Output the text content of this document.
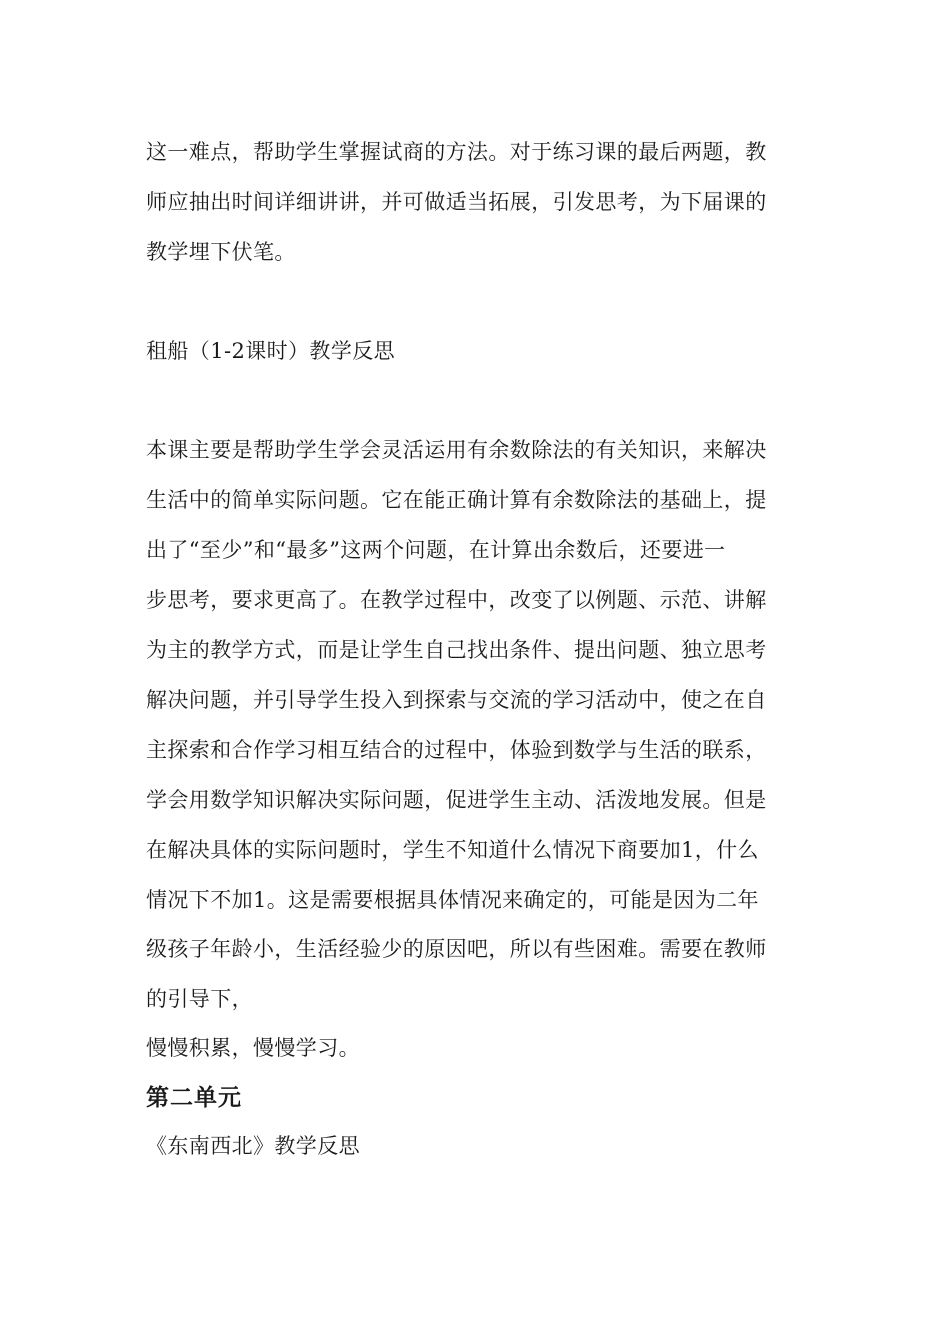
这一难点，帮助学生掌握试商的方法。对于练习课的最后两题，教
师应抽出时间详细讲讲，并可做适当拓展，引发思考，为下届课的
教学埋下伏笔。
租船（1-2课时）教学反思
本课主要是帮助学生学会灵活运用有余数除法的有关知识，来解决
生活中的简单实际问题。它在能正确计算有余数除法的基础上，提
出了“至少”和“最多”这两个问题，在计算出余数后，还要进一
步思考，要求更高了。在教学过程中，改变了以例题、示范、讲解
为主的教学方式，而是让学生自己找出条件、提出问题、独立思考
解决问题，并引导学生投入到探索与交流的学习活动中，使之在自
主探索和合作学习相互结合的过程中，体验到数学与生活的联系，
学会用数学知识解决实际问题，促进学生主动、活泼地发展。但是
在解决具体的实际问题时，学生不知道什么情况下商要加1，什么
情况下不加1。这是需要根据具体情况来确定的，可能是因为二年
级孩子年龄小，生活经验少的原因吧，所以有些困难。需要在教师
的引导下，
慢慢积累，慢慢学习。
第二单元
《东南西北》教学反思
